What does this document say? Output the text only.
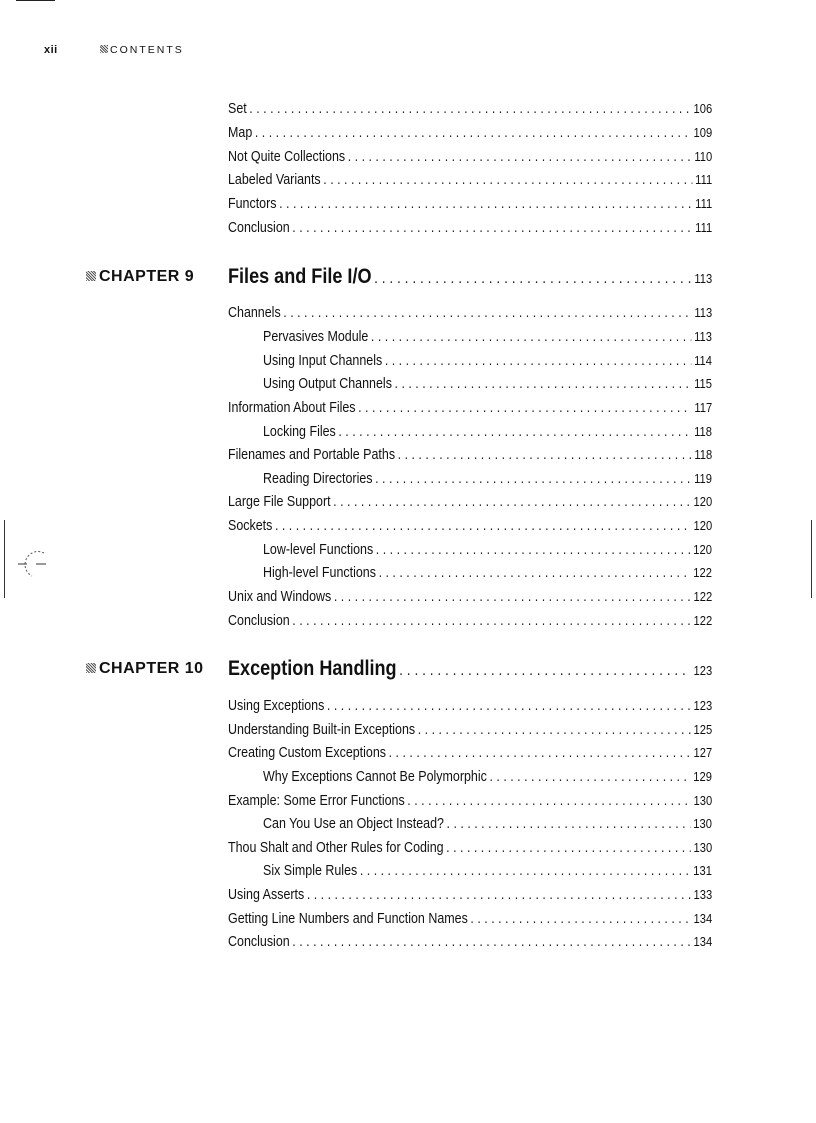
xii	CONTENTS
Set . . .	106
Map . . .	109
Not Quite Collections . . .	110
Labeled Variants . . .	111
Functors . . .	111
Conclusion . . .	111
CHAPTER 9	Files and File I/O . . .	113
Channels . . .	113
Pervasives Module . . .	113
Using Input Channels . . .	114
Using Output Channels . . .	115
Information About Files . . .	117
Locking Files . . .	118
Filenames and Portable Paths . . .	118
Reading Directories . . .	119
Large File Support . . .	120
Sockets . . .	120
Low-level Functions . . .	120
High-level Functions . . .	122
Unix and Windows . . .	122
Conclusion . . .	122
CHAPTER 10	Exception Handling . . .	123
Using Exceptions . . .	123
Understanding Built-in Exceptions . . .	125
Creating Custom Exceptions . . .	127
Why Exceptions Cannot Be Polymorphic . . .	129
Example: Some Error Functions . . .	130
Can You Use an Object Instead? . . .	130
Thou Shalt and Other Rules for Coding . . .	130
Six Simple Rules . . .	131
Using Asserts . . .	133
Getting Line Numbers and Function Names . . .	134
Conclusion . . .	134
